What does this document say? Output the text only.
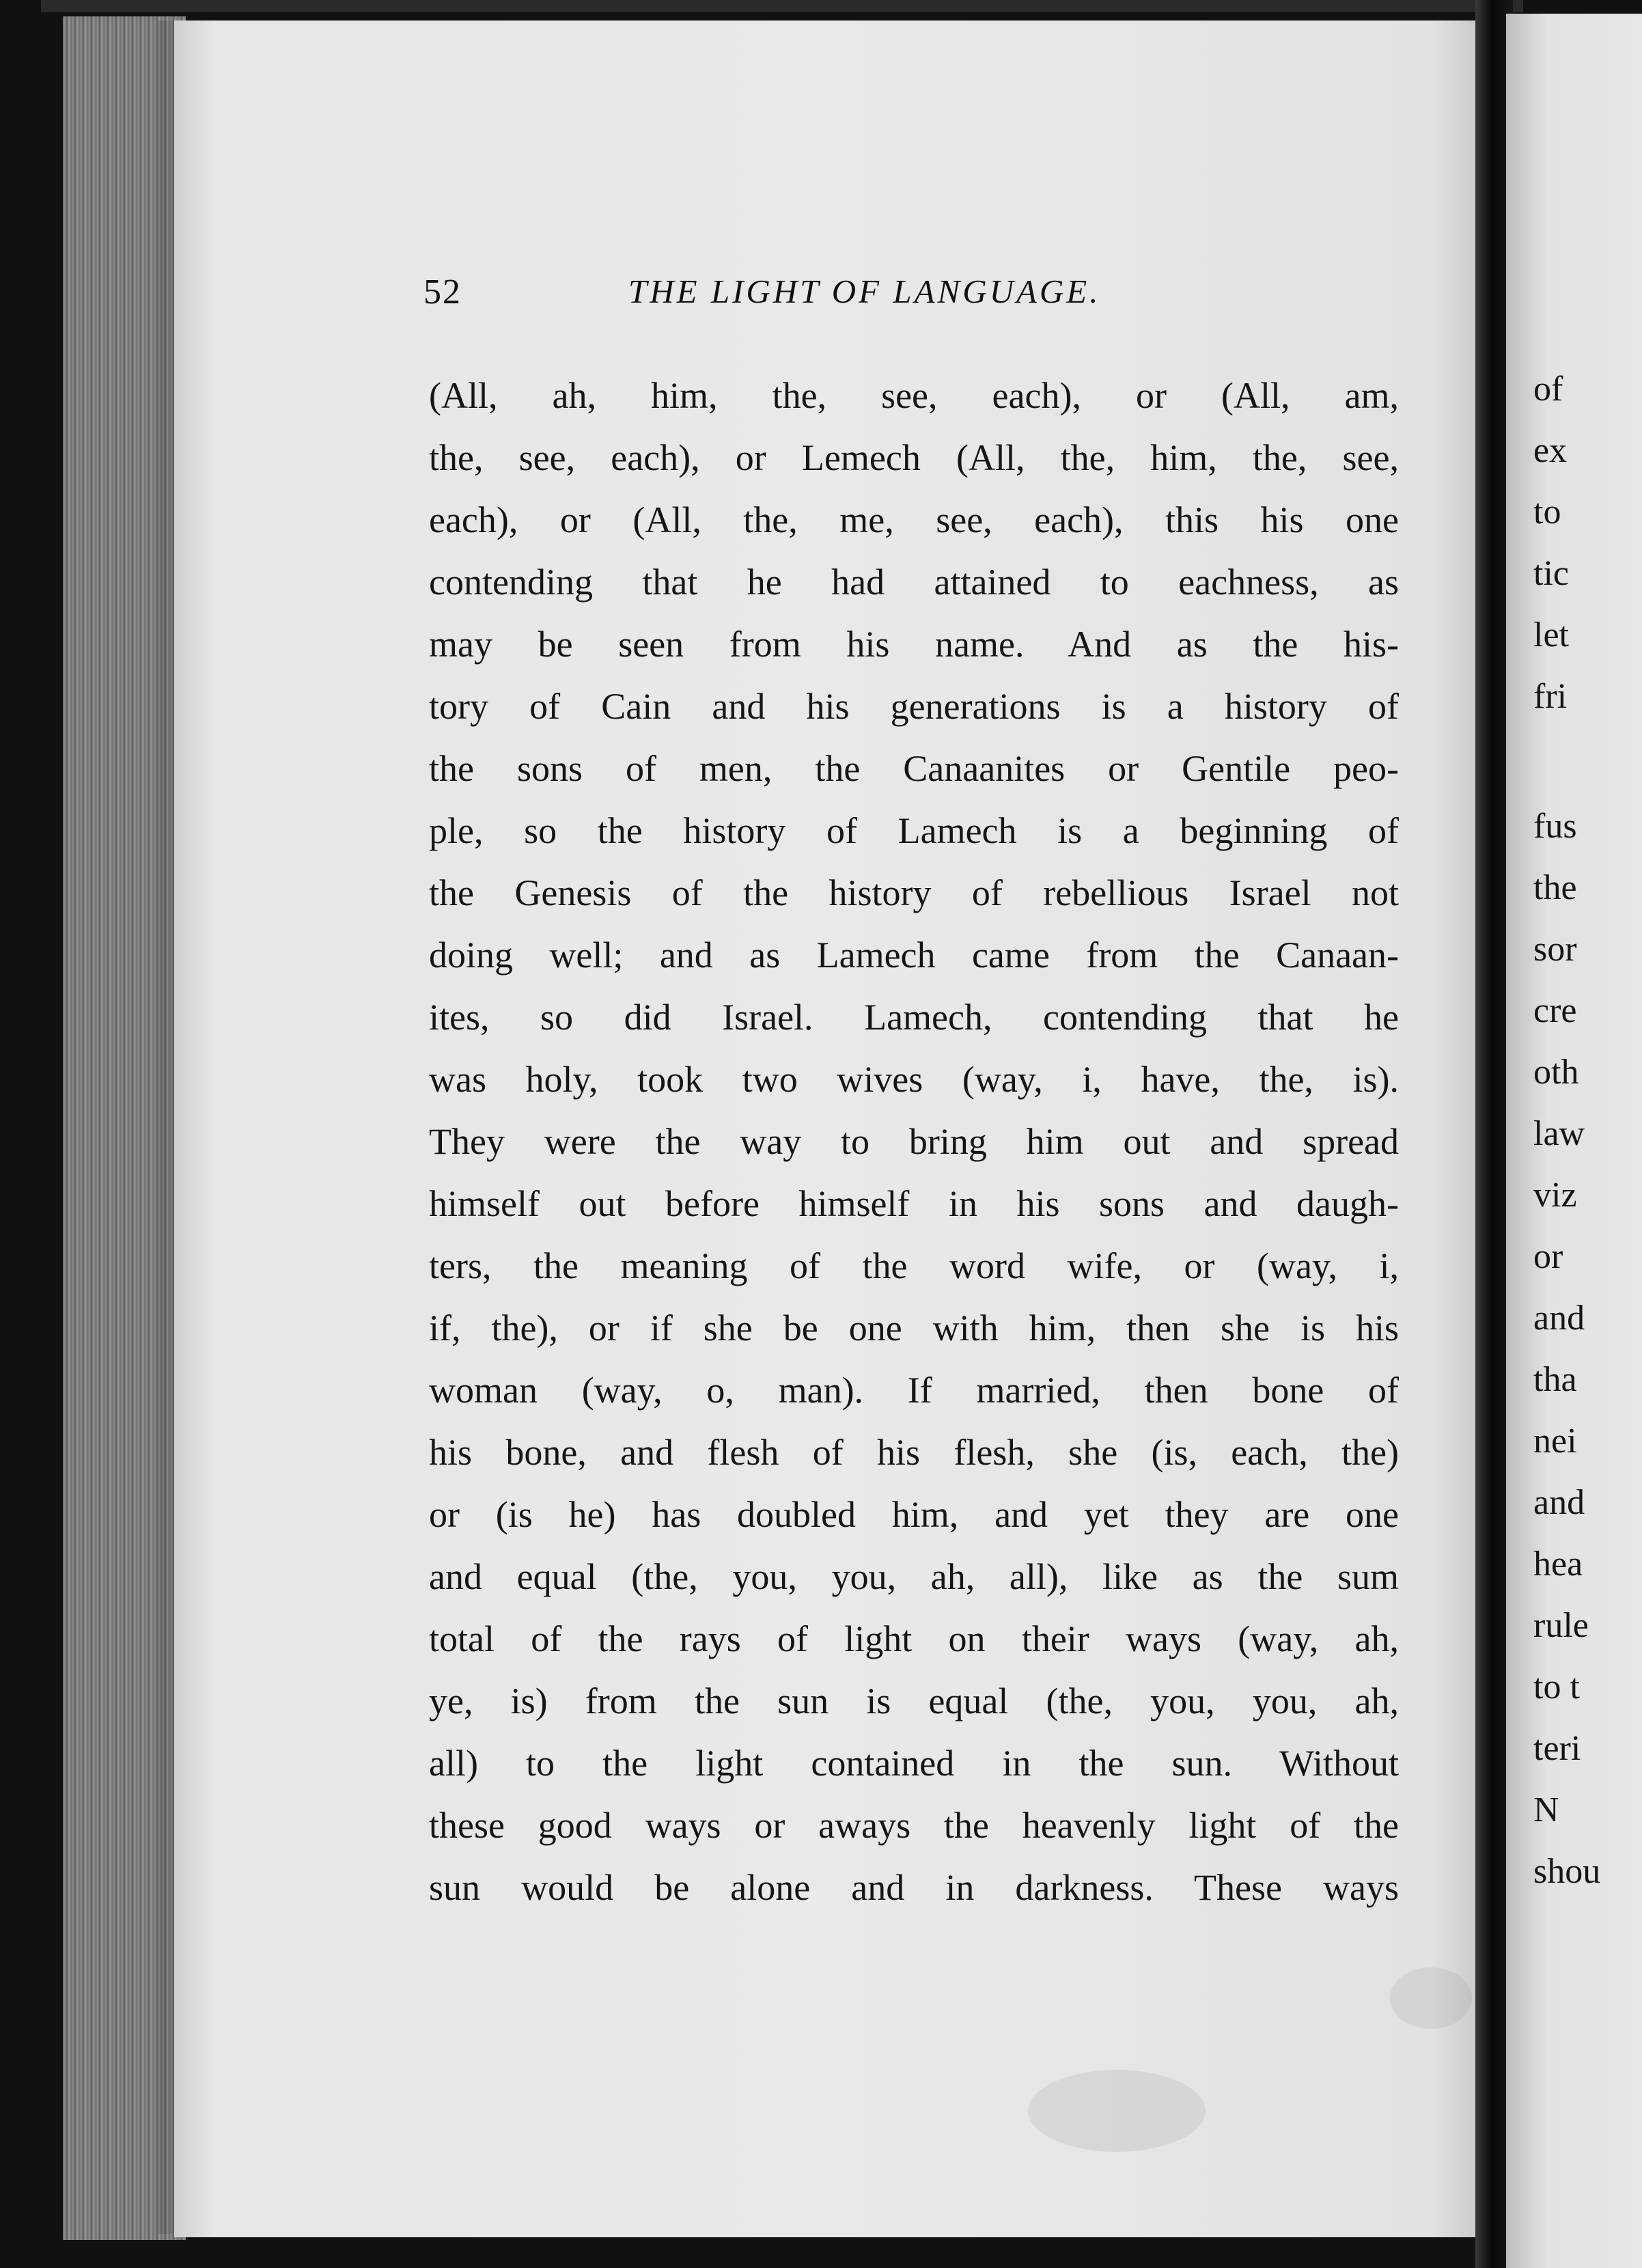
52	THE LIGHT OF LANGUAGE.
(All, ah, him, the, see, each), or (All, am,
the, see, each), or Lemech (All, the, him, the, see,
each), or (All, the, me, see, each), this his one
contending that he had attained to eachness, as
may be seen from his name. And as the his-
tory of Cain and his generations is a history of
the sons of men, the Canaanites or Gentile peo-
ple, so the history of Lamech is a beginning of
the Genesis of the history of rebellious Israel not
doing well; and as Lamech came from the Canaan-
ites, so did Israel. Lamech, contending that he
was holy, took two wives (way, i, have, the, is).
They were the way to bring him out and spread
himself out before himself in his sons and daugh-
ters, the meaning of the word wife, or (way, i,
if, the), or if she be one with him, then she is his
woman (way, o, man). If married, then bone of
his bone, and flesh of his flesh, she (is, each, the)
or (is he) has doubled him, and yet they are one
and equal (the, you, you, ah, all), like as the sum
total of the rays of light on their ways (way, ah,
ye, is) from the sun is equal (the, you, you, ah,
all) to the light contained in the sun. Without
these good ways or aways the heavenly light of the
sun would be alone and in darkness. These ways
of
ex
to
tic
let
fri
fus
the
sor
cre
oth
law
viz
or
and
tha
nei
and
hea
rule
to t
teri
N
shou
